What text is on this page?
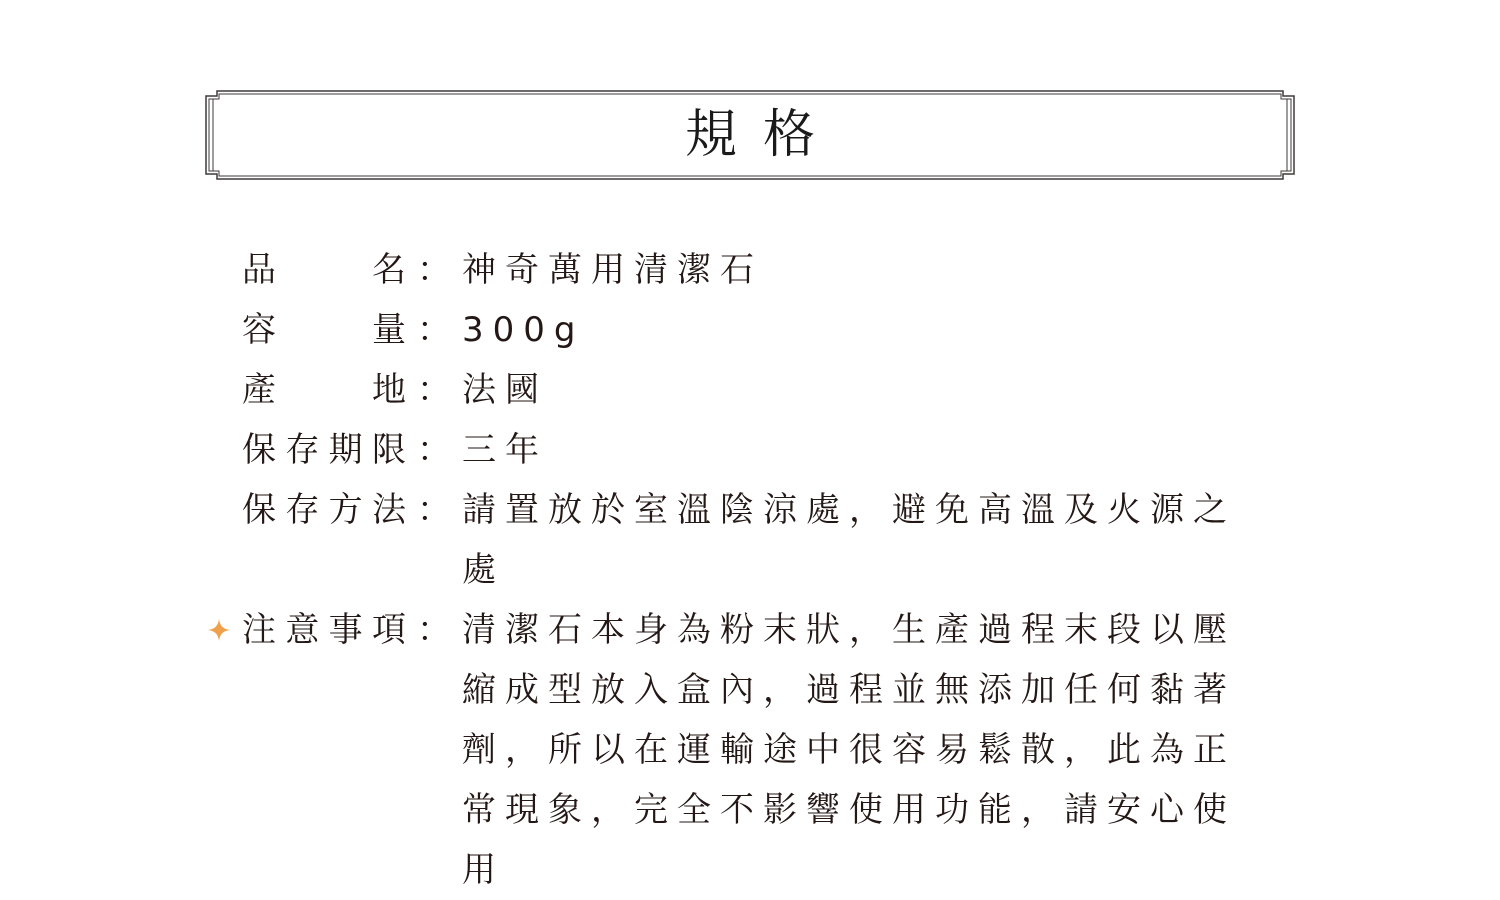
規格
品	名 ： 神奇萬用清潔石
容	量 ： 300g
產	地 ： 法國
保 存 期 限 ： 三年
保 存 方 法 ： 請置放於室溫陰涼處，避免高溫及火源之處
注 意 事 項 ： 清潔石本身為粉末狀，生產過程末段以壓縮成型放入盒內，過程並無添加任何黏著劑，所以在運輸途中很容易鬆散，此為正常現象，完全不影響使用功能，請安心使用
